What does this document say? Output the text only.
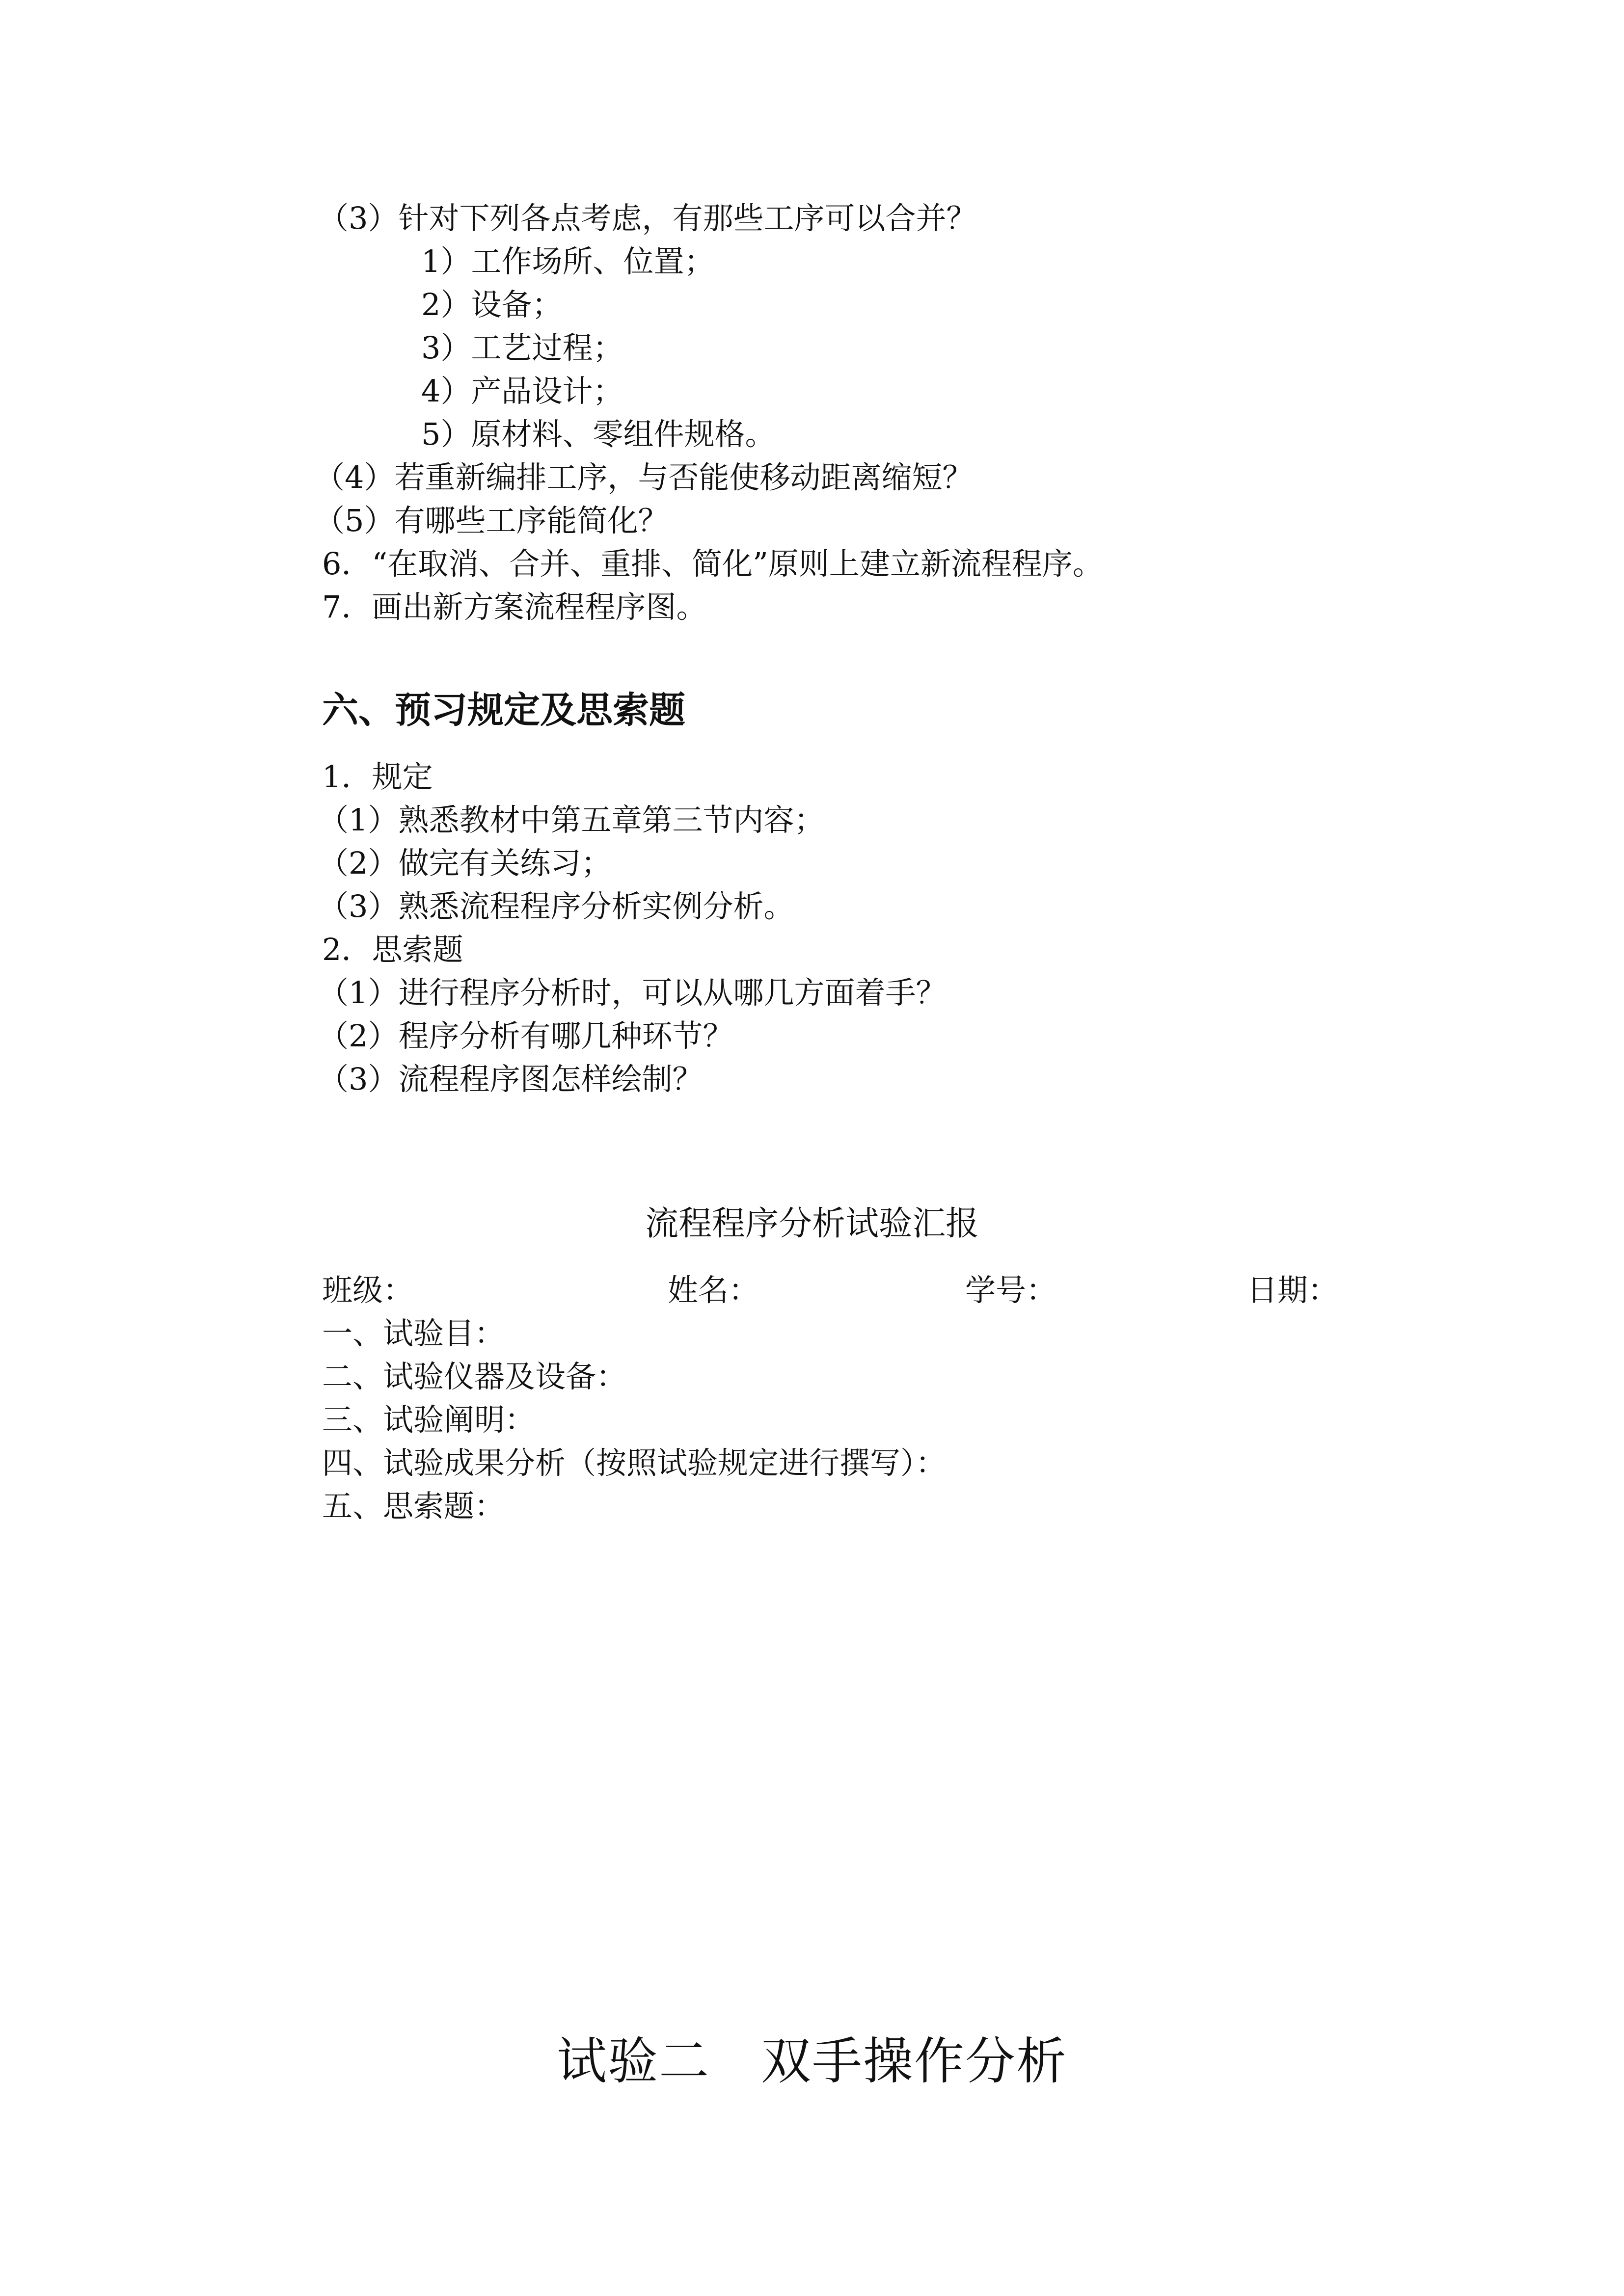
（3）针对下列各点考虑，有那些工序可以合并？
1）工作场所、位置；
2）设备；
3）工艺过程；
4）产品设计；
5）原材料、零组件规格。
（4）若重新编排工序，与否能使移动距离缩短？
（5）有哪些工序能简化？
6．“在取消、合并、重排、简化”原则上建立新流程程序。
7．画出新方案流程程序图。
六、预习规定及思索题
1．规定
（1）熟悉教材中第五章第三节内容；
（2）做完有关练习；
（3）熟悉流程程序分析实例分析。
2．思索题
（1）进行程序分析时，可以从哪几方面着手？
（2）程序分析有哪几种环节？
（3）流程程序图怎样绘制？
流程程序分析试验汇报
班级：	姓名：	学号：	日期：
一、试验目：
二、试验仪器及设备：
三、试验阐明：
四、试验成果分析（按照试验规定进行撰写）：
五、思索题：
试验二　双手操作分析
